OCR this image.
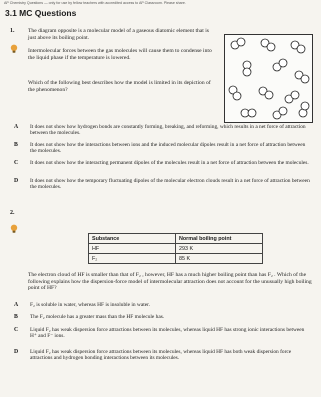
AP Chemistry Questions — only for use by fellow teachers with accredited access to AP Classroom. Please share.
3.1 MC Questions
1. The diagram opposite is a molecular model of a gaseous diatomic element that is just above its boiling point.
Intermolecular forces between the gas molecules will cause them to condense into the liquid phase if the temperature is lowered.
Which of the following best describes how the model is limited in its depiction of the phenomenon?
A It does not show how hydrogen bonds are constantly forming, breaking, and reforming, which results in a net force of attraction between the molecules.
B It does not show how the interactions between ions and the induced molecular dipoles result in a net force of attraction between the molecules.
C It does not show how the interacting permanent dipoles of the molecules result in a net force of attraction between the molecules.
D It does not show how the temporary fluctuating dipoles of the molecular electron clouds result in a net force of attraction between the molecules.
2.
Substance	Normal boiling point
HF	293 K
F₂	85 K
The electron cloud of HF is smaller than that of F₂ , however, HF has a much higher boiling point than has F₂ . Which of the following explains how the dispersion-force model of intermolecular attraction does not account for the unusually high boiling point of HF?
A F₂ is soluble in water, whereas HF is insoluble in water.
B The F₂ molecule has a greater mass than the HF molecule has.
C Liquid F₂ has weak dispersion force attractions between its molecules, whereas liquid HF has strong ionic interactions between H⁺ and F⁻ ions.
D Liquid F₂ has weak dispersion force attractions between its molecules, whereas liquid HF has both weak dispersion force attractions and hydrogen bonding interactions between its molecules.
